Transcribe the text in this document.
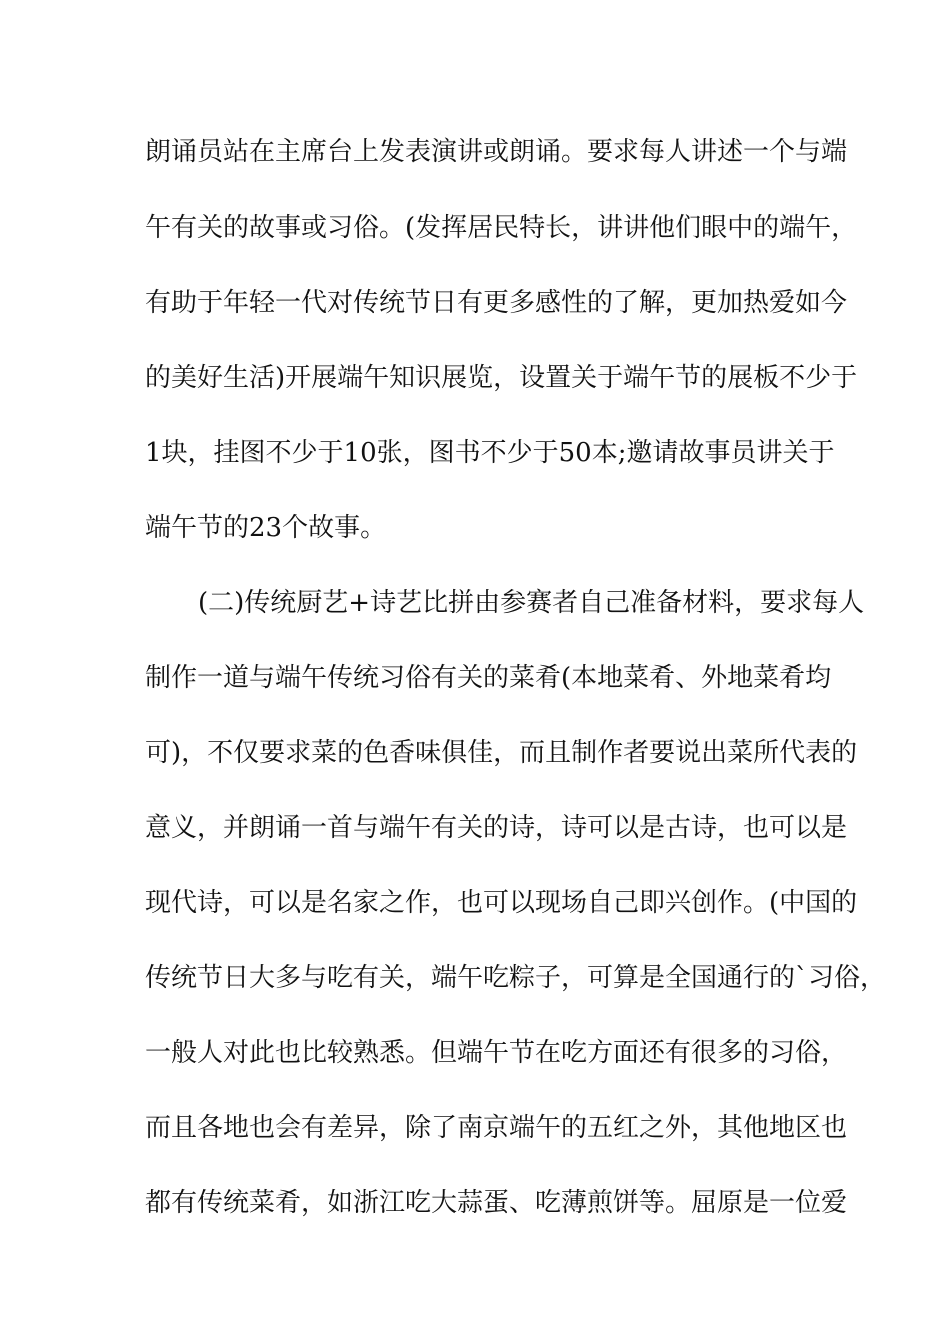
朗诵员站在主席台上发表演讲或朗诵。要求每人讲述一个与端
午有关的故事或习俗。(发挥居民特长，讲讲他们眼中的端午，
有助于年轻一代对传统节日有更多感性的了解，更加热爱如今
的美好生活)开展端午知识展览，设置关于端午节的展板不少于
1块，挂图不少于10张，图书不少于50本;邀请故事员讲关于
端午节的23个故事。
(二)传统厨艺+诗艺比拼由参赛者自己准备材料，要求每人
制作一道与端午传统习俗有关的菜肴(本地菜肴、外地菜肴均
可)，不仅要求菜的色香味俱佳，而且制作者要说出菜所代表的
意义，并朗诵一首与端午有关的诗，诗可以是古诗，也可以是
现代诗，可以是名家之作，也可以现场自己即兴创作。(中国的
传统节日大多与吃有关，端午吃粽子，可算是全国通行的`习俗，
一般人对此也比较熟悉。但端午节在吃方面还有很多的习俗，
而且各地也会有差异，除了南京端午的五红之外，其他地区也
都有传统菜肴，如浙江吃大蒜蛋、吃薄煎饼等。屈原是一位爱
